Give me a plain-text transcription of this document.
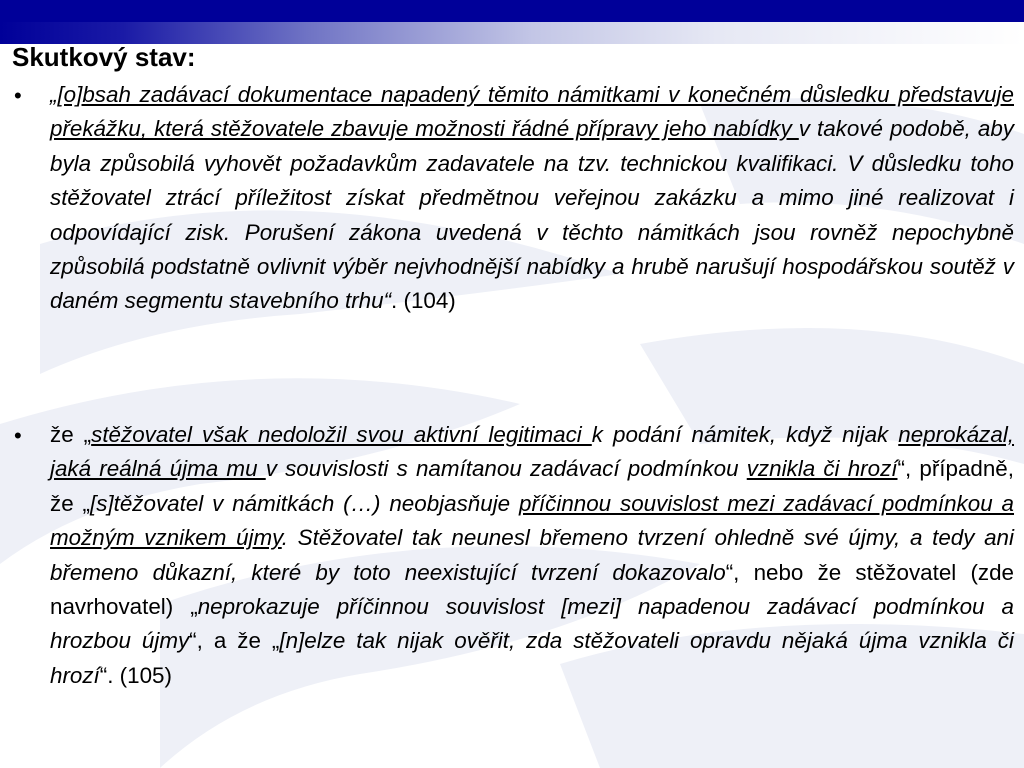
Skutkový stav:
• „[o]bsah zadávací dokumentace napadený těmito námitkami v konečném důsledku představuje překážku, která stěžovatele zbavuje možnosti řádné přípravy jeho nabídky v takové podobě, aby byla způsobilá vyhovět požadavkům zadavatele na tzv. technickou kvalifikaci. V důsledku toho stěžovatel ztrácí příležitost získat předmětnou veřejnou zakázku a mimo jiné realizovat i odpovídající zisk. Porušení zákona uvedená v těchto námitkách jsou rovněž nepochybně způsobilá podstatně ovlivnit výběr nejvhodnější nabídky a hrubě narušují hospodářskou soutěž v daném segmentu stavebního trhu“. (104)

• že „stěžovatel však nedoložil svou aktivní legitimaci k podání námitek, když nijak neprokázal, jaká reálná újma mu v souvislosti s namítanou zadávací podmínkou vznikla či hrozí“, případně, že „[s]těžovatel v námitkách (…) neobjasňuje příčinnou souvislost mezi zadávací podmínkou a možným vznikem újmy. Stěžovatel tak neunesl břemeno tvrzení ohledně své újmy, a tedy ani břemeno důkazní, které by toto neexistující tvrzení dokazovalo“, nebo že stěžovatel (zde navrhovatel) „neprokazuje příčinnou souvislost [mezi] napadenou zadávací podmínkou a hrozbou újmy“, a že „[n]elze tak nijak ověřit, zda stěžovateli opravdu nějaká újma vznikla či hrozí“. (105)
